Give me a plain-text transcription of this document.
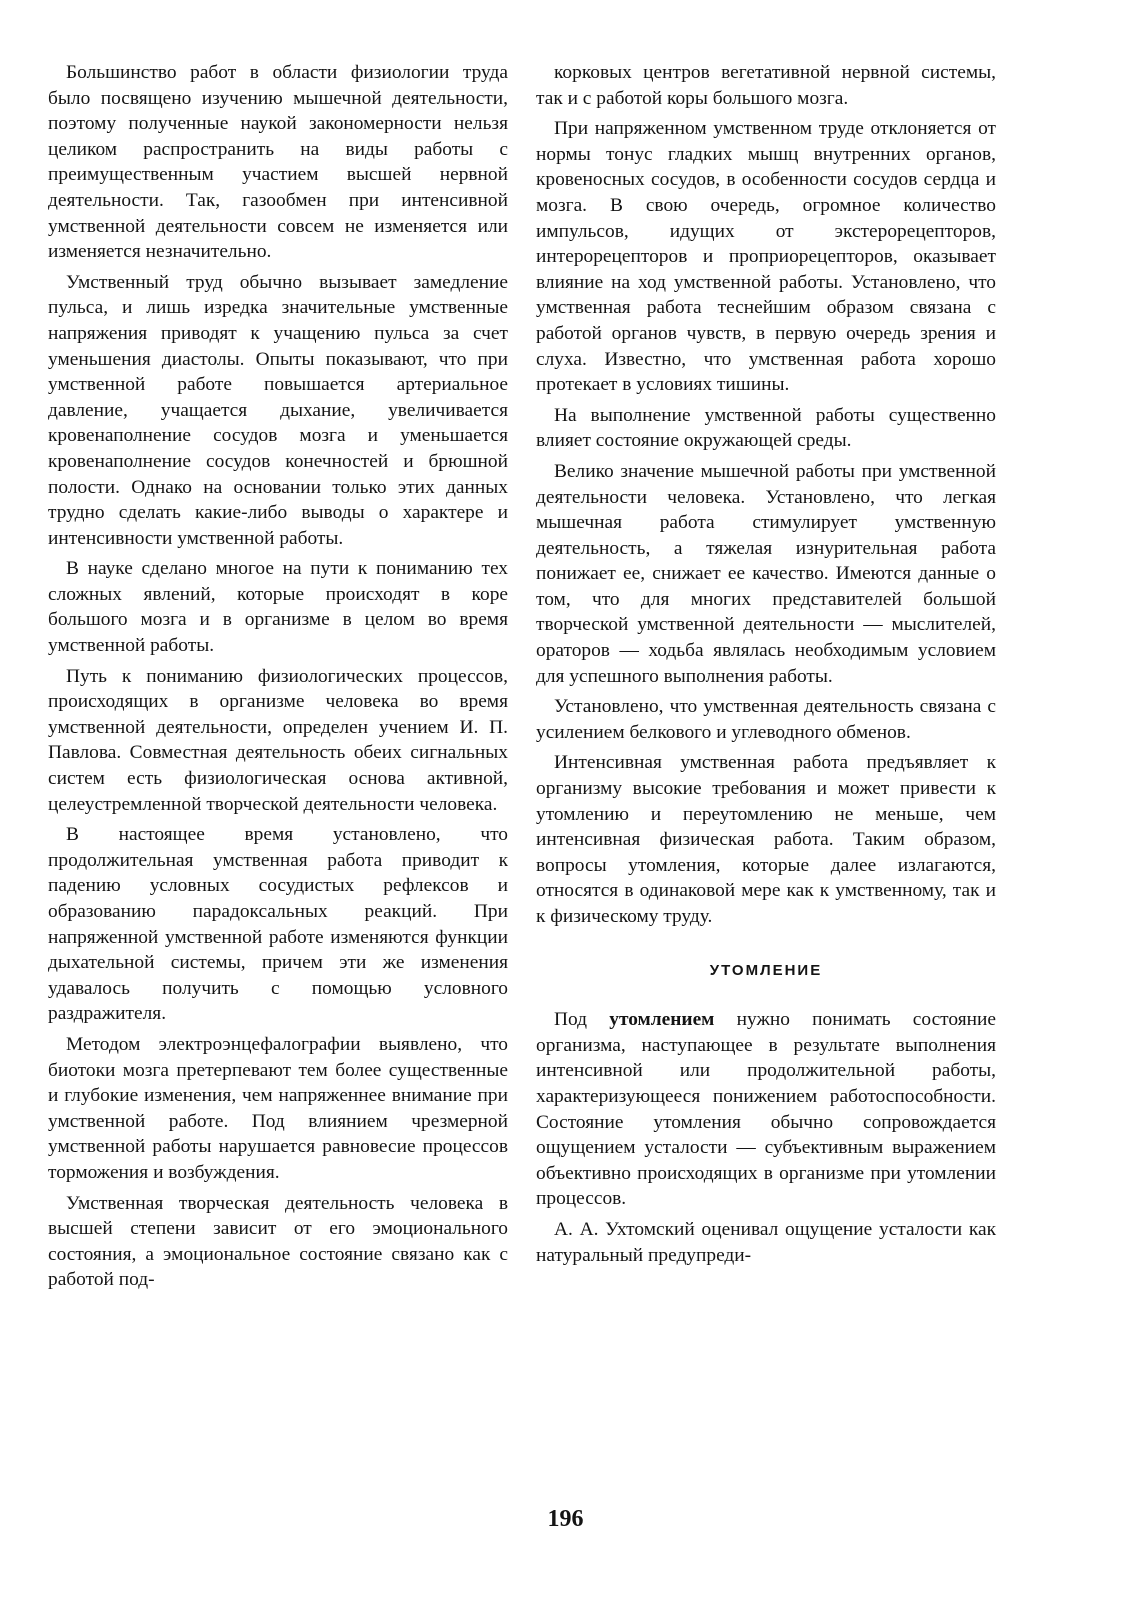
Большинство работ в области физиологии труда было посвящено изучению мышечной деятельности, поэтому полученные наукой закономерности нельзя целиком распространить на виды работы с преимущественным участием высшей нервной деятельности. Так, газообмен при интенсивной умственной деятельности совсем не изменяется или изменяется незначительно.

Умственный труд обычно вызывает замедление пульса, и лишь изредка значительные умственные напряжения приводят к учащению пульса за счет уменьшения диастолы. Опыты показывают, что при умственной работе повышается артериальное давление, учащается дыхание, увеличивается кровенаполнение сосудов мозга и уменьшается кровенаполнение сосудов конечностей и брюшной полости. Однако на основании только этих данных трудно сделать какие-либо выводы о характере и интенсивности умственной работы.

В науке сделано многое на пути к пониманию тех сложных явлений, которые происходят в коре большого мозга и в организме в целом во время умственной работы.

Путь к пониманию физиологических процессов, происходящих в организме человека во время умственной деятельности, определен учением И. П. Павлова. Совместная деятельность обеих сигнальных систем есть физиологическая основа активной, целеустремленной творческой деятельности человека.

В настоящее время установлено, что продолжительная умственная работа приводит к падению условных сосудистых рефлексов и образованию парадоксальных реакций. При напряженной умственной работе изменяются функции дыхательной системы, причем эти же изменения удавалось получить с помощью условного раздражителя.

Методом электроэнцефалографии выявлено, что биотоки мозга претерпевают тем более существенные и глубокие изменения, чем напряженнее внимание при умственной работе. Под влиянием чрезмерной умственной работы нарушается равновесие процессов торможения и возбуждения.

Умственная творческая деятельность человека в высшей степени зависит от его эмоционального состояния, а эмоциональное состояние связано как с работой под-

корковых центров вегетативной нервной системы, так и с работой коры большого мозга.

При напряженном умственном труде отклоняется от нормы тонус гладких мышц внутренних органов, кровеносных сосудов, в особенности сосудов сердца и мозга. В свою очередь, огромное количество импульсов, идущих от экстерорецепторов, интерорецепторов и проприорецепторов, оказывает влияние на ход умственной работы. Установлено, что умственная работа теснейшим образом связана с работой органов чувств, в первую очередь зрения и слуха. Известно, что умственная работа хорошо протекает в условиях тишины.

На выполнение умственной работы существенно влияет состояние окружающей среды.

Велико значение мышечной работы при умственной деятельности человека. Установлено, что легкая мышечная работа стимулирует умственную деятельность, а тяжелая изнурительная работа понижает ее, снижает ее качество. Имеются данные о том, что для многих представителей большой творческой умственной деятельности — мыслителей, ораторов — ходьба являлась необходимым условием для успешного выполнения работы.

Установлено, что умственная деятельность связана с усилением белкового и углеводного обменов.

Интенсивная умственная работа предъявляет к организму высокие требования и может привести к утомлению и переутомлению не меньше, чем интенсивная физическая работа. Таким образом, вопросы утомления, которые далее излагаются, относятся в одинаковой мере как к умственному, так и к физическому труду.

УТОМЛЕНИЕ

Под утомлением нужно понимать состояние организма, наступающее в результате выполнения интенсивной или продолжительной работы, характеризующееся понижением работоспособности. Состояние утомления обычно сопровождается ощущением усталости — субъективным выражением объективно происходящих в организме при утомлении процессов.

А. А. Ухтомский оценивал ощущение усталости как натуральный предупреди-

196
